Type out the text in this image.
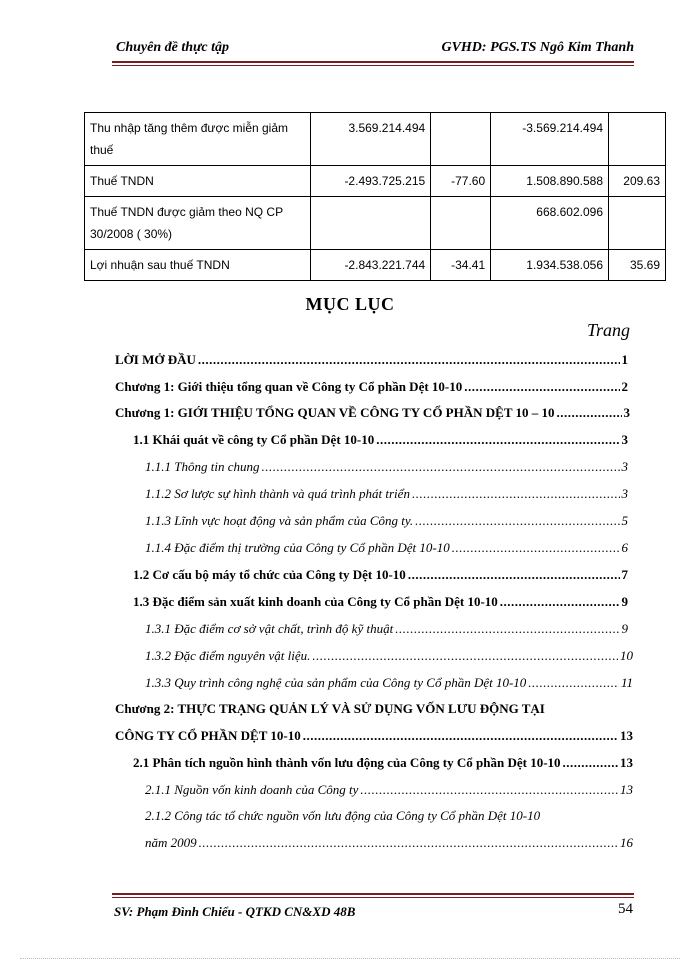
Chuyên đề thực tập	GVHD: PGS.TS Ngô Kim Thanh
Thu nhập tăng thêm được miễn giảm thuế	3.569.214.494		-3.569.214.494	
Thuế TNDN	-2.493.725.215	-77.60	1.508.890.588	209.63
Thuế TNDN được giảm theo NQ CP 30/2008 ( 30%)			668.602.096	
Lợi nhuận sau thuế TNDN	-2.843.221.744	-34.41	1.934.538.056	35.69
MỤC LỤC
Trang
LỜI MỞ ĐẦU .....	1
Chương 1: Giới thiệu tổng quan về Công ty Cổ phần Dệt 10-10 .....	2
Chương 1: GIỚI THIỆU TỔNG QUAN VỀ CÔNG TY CỔ PHẦN DỆT 10 – 10 .....	3
1.1 Khái quát về công ty Cổ phần Dệt 10-10 .....	3
1.1.1 Thông tin chung .....	3
1.1.2 Sơ lược sự hình thành và quá trình phát triển .....	3
1.1.3 Lĩnh vực hoạt động và sản phẩm của Công ty. .....	5
1.1.4 Đặc điểm thị trường của Công ty Cổ phần Dệt 10-10 .....	6
1.2 Cơ cấu bộ máy tổ chức của Công ty Dệt 10-10 .....	7
1.3 Đặc điểm sản xuất kinh doanh của Công ty Cổ phần Dệt 10-10 .....	9
1.3.1 Đặc điểm cơ sở vật chất, trình độ kỹ thuật .....	9
1.3.2 Đặc điểm nguyên vật liệu. .....	10
1.3.3 Quy trình công nghệ của sản phẩm của Công ty Cổ phần Dệt 10-10 .....	11
Chương 2: THỰC TRẠNG QUẢN LÝ VÀ SỬ DỤNG VỐN LƯU ĐỘNG TẠI
CÔNG TY CỔ PHẦN DỆT 10-10 .....	13
2.1 Phân tích nguồn hình thành vốn lưu động của Công ty Cổ phần Dệt 10-10 .....	13
2.1.1 Nguồn vốn kinh doanh của Công ty .....	13
2.1.2 Công tác tổ chức nguồn vốn lưu động của Công ty Cổ phần Dệt 10-10
năm 2009 .....	16
SV: Phạm Đình Chiểu - QTKD CN&XD 48B	54
